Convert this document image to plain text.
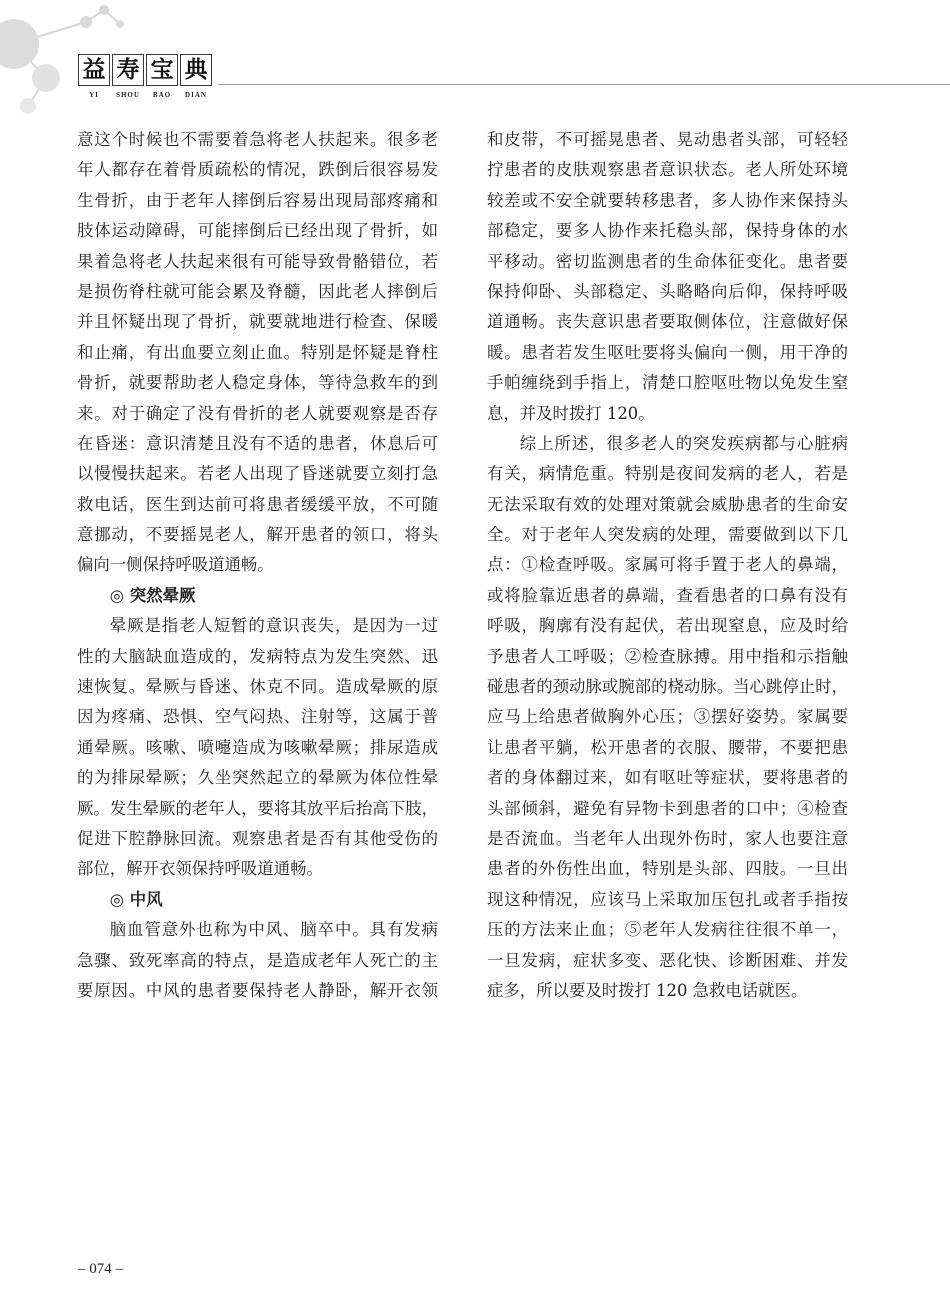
益 寿 宝 典
YI	SHOU	BAO	DIAN
意这个时候也不需要着急将老人扶起来。很多老
年人都存在着骨质疏松的情况，跌倒后很容易发
生骨折，由于老年人摔倒后容易出现局部疼痛和
肢体运动障碍，可能摔倒后已经出现了骨折，如
果着急将老人扶起来很有可能导致骨骼错位，若
是损伤脊柱就可能会累及脊髓，因此老人摔倒后
并且怀疑出现了骨折，就要就地进行检查、保暖
和止痛，有出血要立刻止血。特别是怀疑是脊柱
骨折，就要帮助老人稳定身体，等待急救车的到
来。对于确定了没有骨折的老人就要观察是否存
在昏迷：意识清楚且没有不适的患者，休息后可
以慢慢扶起来。若老人出现了昏迷就要立刻打急
救电话，医生到达前可将患者缓缓平放，不可随
意挪动，不要摇晃老人，解开患者的领口，将头
偏向一侧保持呼吸道通畅。
◎ 突然晕厥
晕厥是指老人短暂的意识丧失，是因为一过
性的大脑缺血造成的，发病特点为发生突然、迅
速恢复。晕厥与昏迷、休克不同。造成晕厥的原
因为疼痛、恐惧、空气闷热、注射等，这属于普
通晕厥。咳嗽、喷嚏造成为咳嗽晕厥；排尿造成
的为排尿晕厥；久坐突然起立的晕厥为体位性晕
厥。发生晕厥的老年人，要将其放平后抬高下肢，
促进下腔静脉回流。观察患者是否有其他受伤的
部位，解开衣领保持呼吸道通畅。
◎ 中风
脑血管意外也称为中风、脑卒中。具有发病
急骤、致死率高的特点，是造成老年人死亡的主
要原因。中风的患者要保持老人静卧，解开衣领
和皮带，不可摇晃患者、晃动患者头部，可轻轻
拧患者的皮肤观察患者意识状态。老人所处环境
较差或不安全就要转移患者，多人协作来保持头
部稳定，要多人协作来托稳头部，保持身体的水
平移动。密切监测患者的生命体征变化。患者要
保持仰卧、头部稳定、头略略向后仰，保持呼吸
道通畅。丧失意识患者要取侧体位，注意做好保
暖。患者若发生呕吐要将头偏向一侧，用干净的
手帕缠绕到手指上，清楚口腔呕吐物以免发生窒
息，并及时拨打 120。
综上所述，很多老人的突发疾病都与心脏病
有关，病情危重。特别是夜间发病的老人，若是
无法采取有效的处理对策就会威胁患者的生命安
全。对于老年人突发病的处理，需要做到以下几
点：①检查呼吸。家属可将手置于老人的鼻端，
或将脸靠近患者的鼻端，查看患者的口鼻有没有
呼吸，胸廓有没有起伏，若出现窒息，应及时给
予患者人工呼吸；②检查脉搏。用中指和示指触
碰患者的颈动脉或腕部的桡动脉。当心跳停止时，
应马上给患者做胸外心压；③摆好姿势。家属要
让患者平躺，松开患者的衣服、腰带，不要把患
者的身体翻过来，如有呕吐等症状，要将患者的
头部倾斜，避免有异物卡到患者的口中；④检查
是否流血。当老年人出现外伤时，家人也要注意
患者的外伤性出血，特别是头部、四肢。一旦出
现这种情况，应该马上采取加压包扎或者手指按
压的方法来止血；⑤老年人发病往往很不单一，
一旦发病，症状多变、恶化快、诊断困难、并发
症多，所以要及时拨打 120 急救电话就医。
– 074 –
